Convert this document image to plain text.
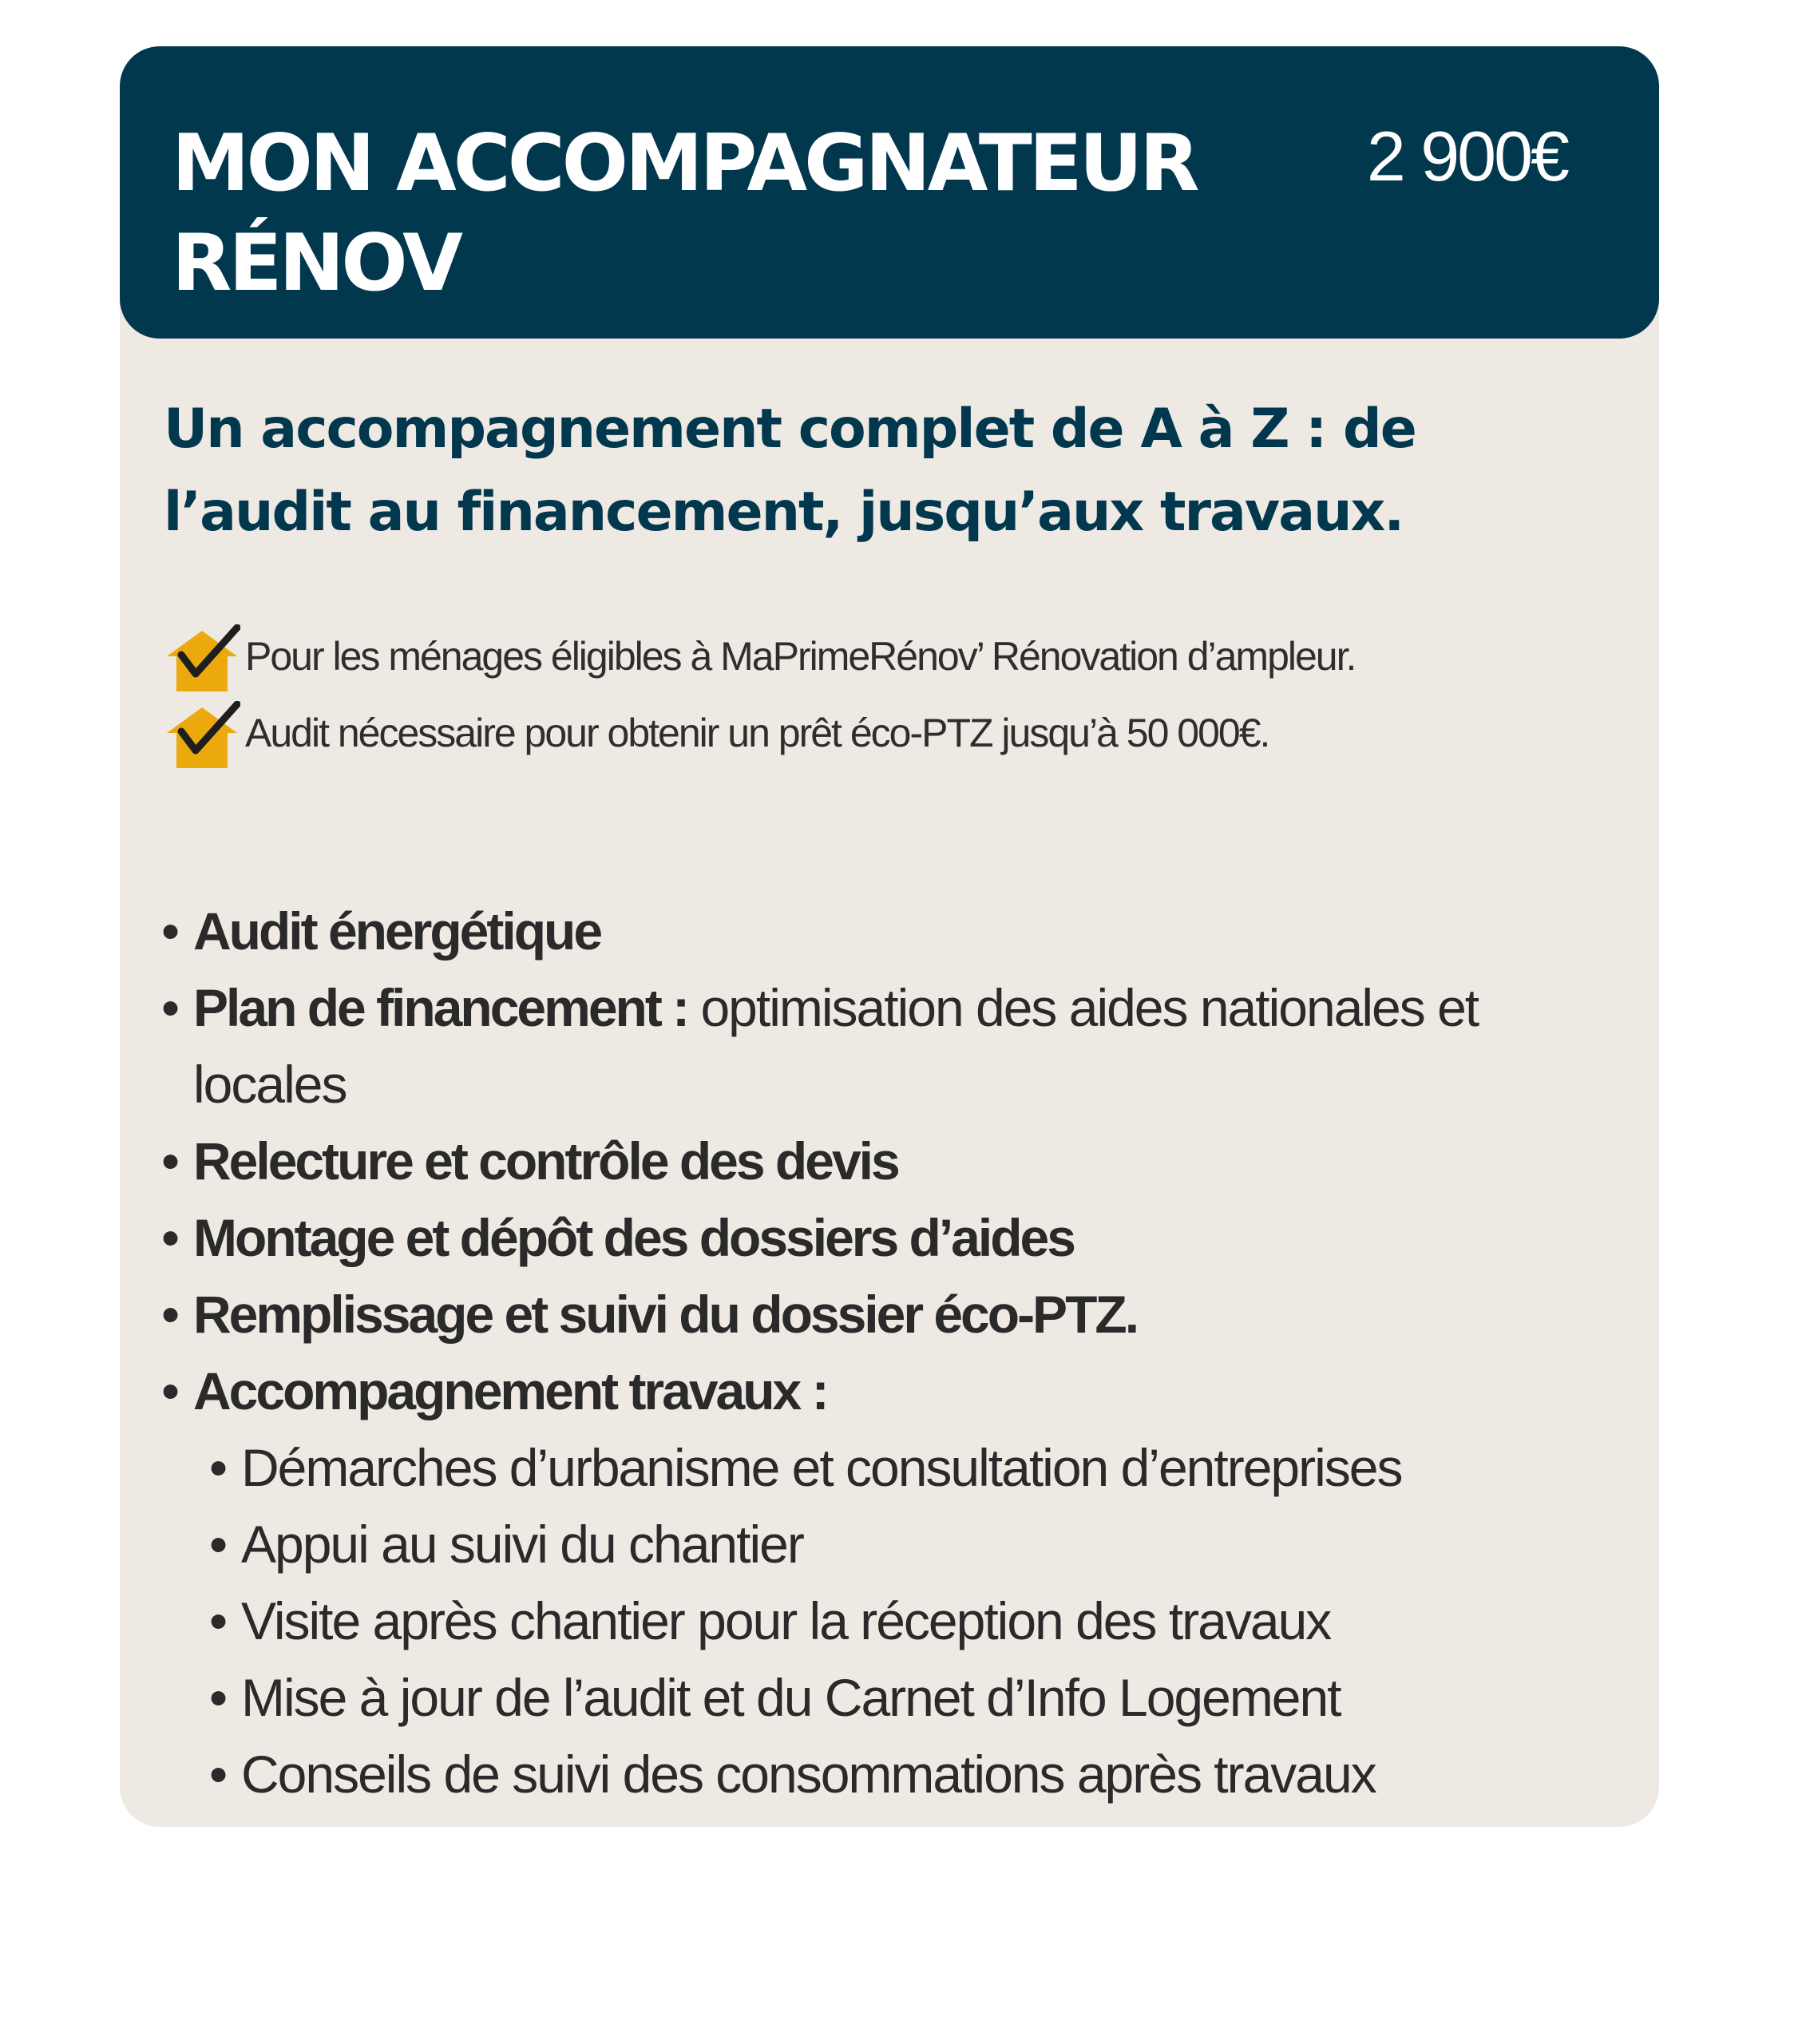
MON ACCOMPAGNATEUR RÉNOV
2 900€

Un accompagnement complet de A à Z : de l’audit au financement, jusqu’aux travaux.

Pour les ménages éligibles à MaPrimeRénov’ Rénovation d’ampleur.
Audit nécessaire pour obtenir un prêt éco-PTZ jusqu’à 50 000€.
• Audit énergétique
• Plan de financement : optimisation des aides nationales et locales
• Relecture et contrôle des devis
• Montage et dépôt des dossiers d’aides
• Remplissage et suivi du dossier éco-PTZ.
• Accompagnement travaux :
• Démarches d’urbanisme et consultation d’entreprises
• Appui au suivi du chantier
• Visite après chantier pour la réception des travaux
• Mise à jour de l’audit et du Carnet d’Info Logement
• Conseils de suivi des consommations après travaux
